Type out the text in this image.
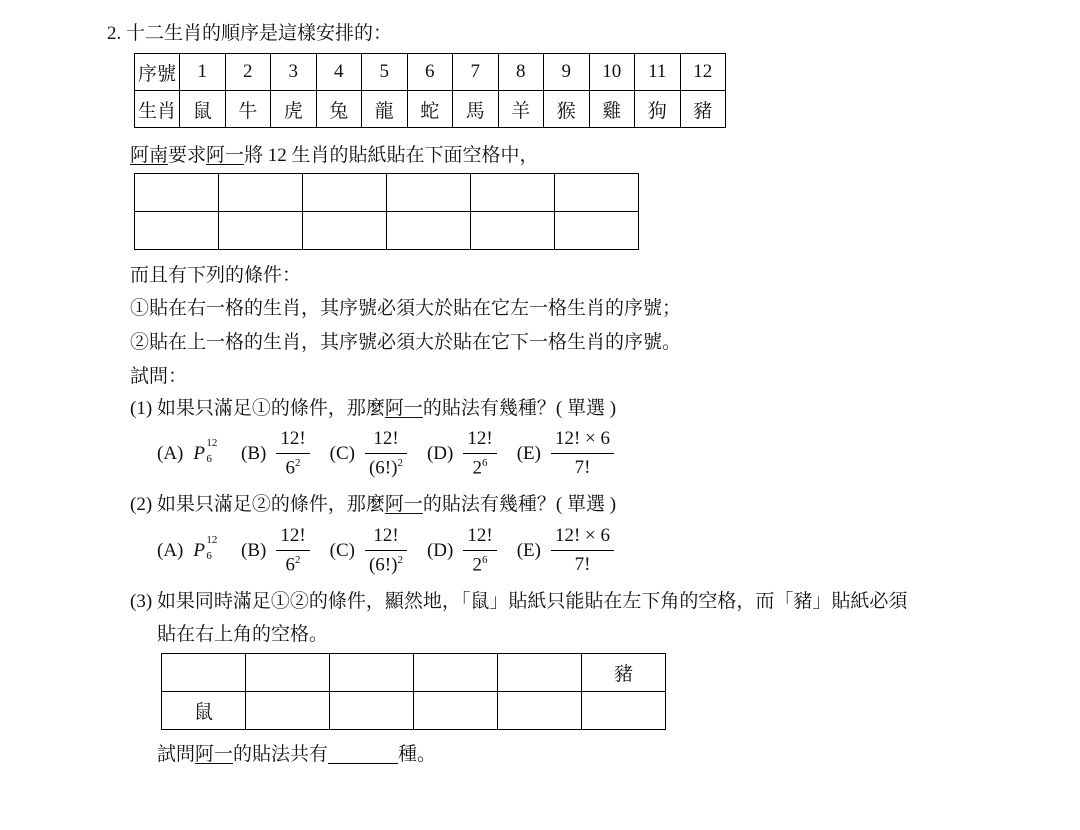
2. 十二生肖的順序是這樣安排的：
序號	1	2	3	4	5	6	7	8	9	10	11	12
生肖	鼠	牛	虎	兔	龍	蛇	馬	羊	猴	雞	狗	豬
阿南要求阿一將 12 生肖的貼紙貼在下面空格中，

而且有下列的條件：
①貼在右一格的生肖，其序號必須大於貼在它左一格生肖的序號；
②貼在上一格的生肖，其序號必須大於貼在它下一格生肖的序號。
試問：
(1) 如果只滿足①的條件，那麼阿一的貼法有幾種？( 單選 )
(A) P 12
6 $(B) \frac{12!}{6^2} (C) \frac{12!}{(6!)^2} (D) \frac{12!}{2^6} (E) \frac{12! \times 6}{7!}$
(2) 如果只滿足②的條件，那麼阿一的貼法有幾種？( 單選 )
(A) P 12
6 $(B) \frac{12!}{6^2} (C) \frac{12!}{(6!)^2} (D) \frac{12!}{2^6} (E) \frac{12! \times 6}{7!}$
(3) 如果同時滿足①②的條件，顯然地，「鼠」貼紙只能貼在左下角的空格，而「豬」貼紙必須
貼在右上角的空格。
					豬
鼠					
試問阿一的貼法共有	種。
